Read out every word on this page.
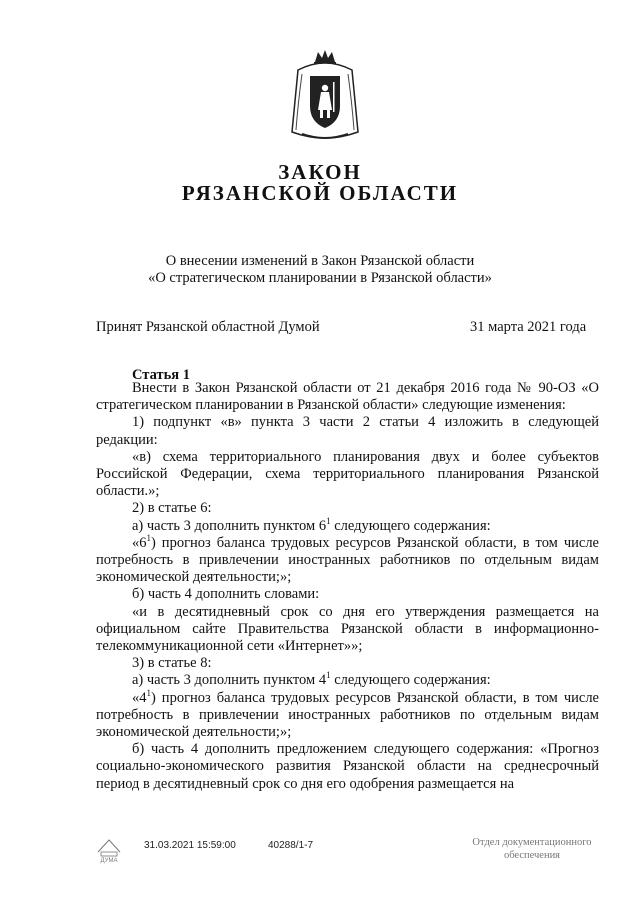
ЗАКОН
РЯЗАНСКОЙ ОБЛАСТИ
О внесении изменений в Закон Рязанской области
«О стратегическом планировании в Рязанской области»
Принят Рязанской областной Думой	31 марта 2021 года
Статья 1

Внести в Закон Рязанской области от 21 декабря 2016 года № 90-ОЗ «О стратегическом планировании в Рязанской области» следующие изменения:

1) подпункт «в» пункта 3 части 2 статьи 4 изложить в следующей редакции:

«в) схема территориального планирования двух и более субъектов Российской Федерации, схема территориального планирования Рязанской области.»;

2) в статье 6:

а) часть 3 дополнить пунктом $6^1$ следующего содержания:

«$6^1$) прогноз баланса трудовых ресурсов Рязанской области, в том числе потребность в привлечении иностранных работников по отдельным видам экономической деятельности;»;

б) часть 4 дополнить словами:

«и в десятидневный срок со дня его утверждения размещается на официальном сайте Правительства Рязанской области в информационно-телекоммуникационной сети «Интернет»»;

3) в статье 8:

а) часть 3 дополнить пунктом $4^1$ следующего содержания:

«$4^1$) прогноз баланса трудовых ресурсов Рязанской области, в том числе потребность в привлечении иностранных работников по отдельным видам экономической деятельности;»;

б) часть 4 дополнить предложением следующего содержания: «Прогноз социально-экономического развития Рязанской области на среднесрочный период в десятидневный срок со дня его одобрения размещается на

ДУМА
31.03.2021 15:59:00	40288/1-7	Отдел документационного
обеспечения
